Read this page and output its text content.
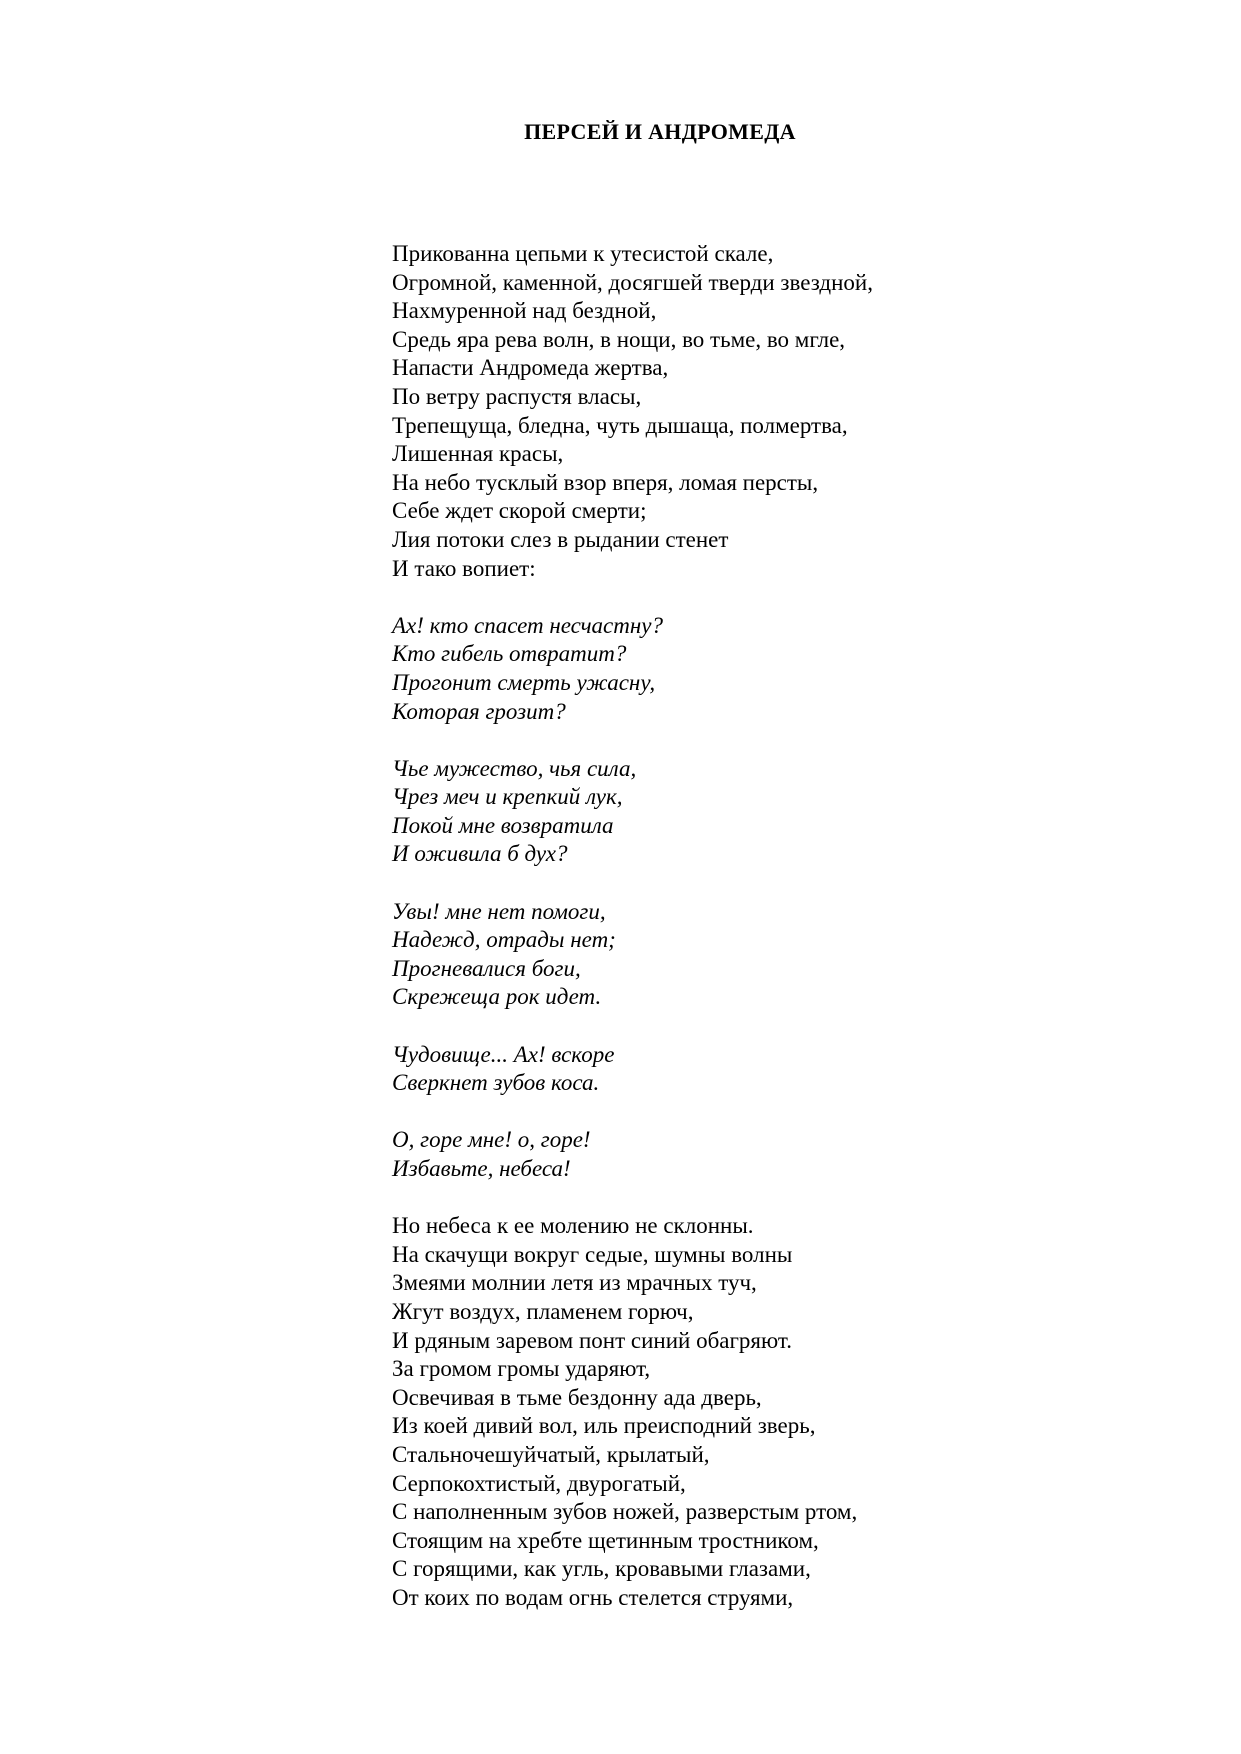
ПЕРСЕЙ И АНДРОМЕДА
Прикованна цепьми к утесистой скале,
Огромной, каменной, досягшей тверди звездной,
Нахмуренной над бездной,
Средь яра рева волн, в нощи, во тьме, во мгле,
Напасти Андромеда жертва,
По ветру распустя власы,
Трепещуща, бледна, чуть дышаща, полмертва,
Лишенная красы,
На небо тусклый взор вперя, ломая персты,
Себе ждет скорой смерти;
Лия потоки слез в рыдании стенет
И тако вопиет:
Ах! кто спасет несчастну?
Кто гибель отвратит?
Прогонит смерть ужасну,
Которая грозит?
Чье мужество, чья сила,
Чрез меч и крепкий лук,
Покой мне возвратила
И оживила б дух?
Увы! мне нет помоги,
Надежд, отрады нет;
Прогневалися боги,
Скрежеща рок идет.
Чудовище... Ах! вскоре
Сверкнет зубов коса.
О, горе мне! о, горе!
Избавьте, небеса!
Но небеса к ее молению не склонны.
На скачущи вокруг седые, шумны волны
Змеями молнии летя из мрачных туч,
Жгут воздух, пламенем горюч,
И рдяным заревом понт синий обагряют.
За громом громы ударяют,
Освечивая в тьме бездонну ада дверь,
Из коей дивий вол, иль преисподний зверь,
Стальночешуйчатый, крылатый,
Серпокохтистый, двурогатый,
С наполненным зубов ножей, разверстым ртом,
Стоящим на хребте щетинным тростником,
С горящими, как угль, кровавыми глазами,
От коих по водам огнь стелется струями,
